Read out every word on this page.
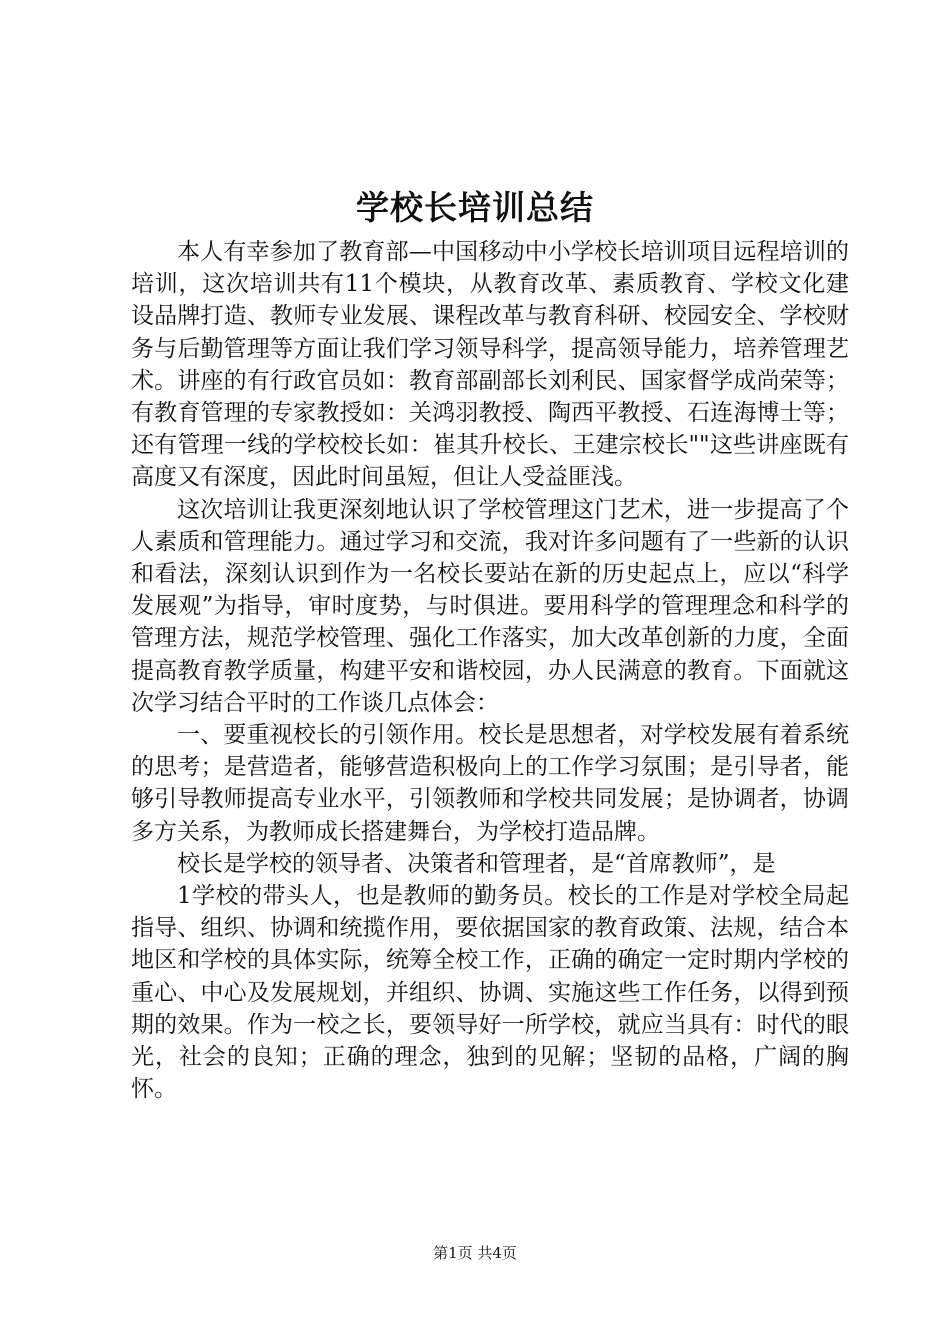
学校长培训总结

本人有幸参加了教育部—中国移动中小学校长培训项目远程培训的培训，这次培训共有11个模块，从教育改革、素质教育、学校文化建设品牌打造、教师专业发展、课程改革与教育科研、校园安全、学校财务与后勤管理等方面让我们学习领导科学，提高领导能力，培养管理艺术。讲座的有行政官员如：教育部副部长刘利民、国家督学成尚荣等；有教育管理的专家教授如：关鸿羽教授、陶西平教授、石连海博士等；还有管理一线的学校校长如：崔其升校长、王建宗校长""这些讲座既有高度又有深度，因此时间虽短，但让人受益匪浅。

这次培训让我更深刻地认识了学校管理这门艺术，进一步提高了个人素质和管理能力。通过学习和交流，我对许多问题有了一些新的认识和看法，深刻认识到作为一名校长要站在新的历史起点上，应以“科学发展观”为指导，审时度势，与时俱进。要用科学的管理理念和科学的管理方法，规范学校管理、强化工作落实，加大改革创新的力度，全面提高教育教学质量，构建平安和谐校园，办人民满意的教育。下面就这次学习结合平时的工作谈几点体会：

一、要重视校长的引领作用。校长是思想者，对学校发展有着系统的思考；是营造者，能够营造积极向上的工作学习氛围；是引导者，能够引导教师提高专业水平，引领教师和学校共同发展；是协调者，协调多方关系，为教师成长搭建舞台，为学校打造品牌。

校长是学校的领导者、决策者和管理者，是“首席教师”，是

1学校的带头人，也是教师的勤务员。校长的工作是对学校全局起指导、组织、协调和统揽作用，要依据国家的教育政策、法规，结合本地区和学校的具体实际，统筹全校工作，正确的确定一定时期内学校的重心、中心及发展规划，并组织、协调、实施这些工作任务，以得到预期的效果。作为一校之长，要领导好一所学校，就应当具有：时代的眼光，社会的良知；正确的理念，独到的见解；坚韧的品格，广阔的胸怀。

第1页 共4页
